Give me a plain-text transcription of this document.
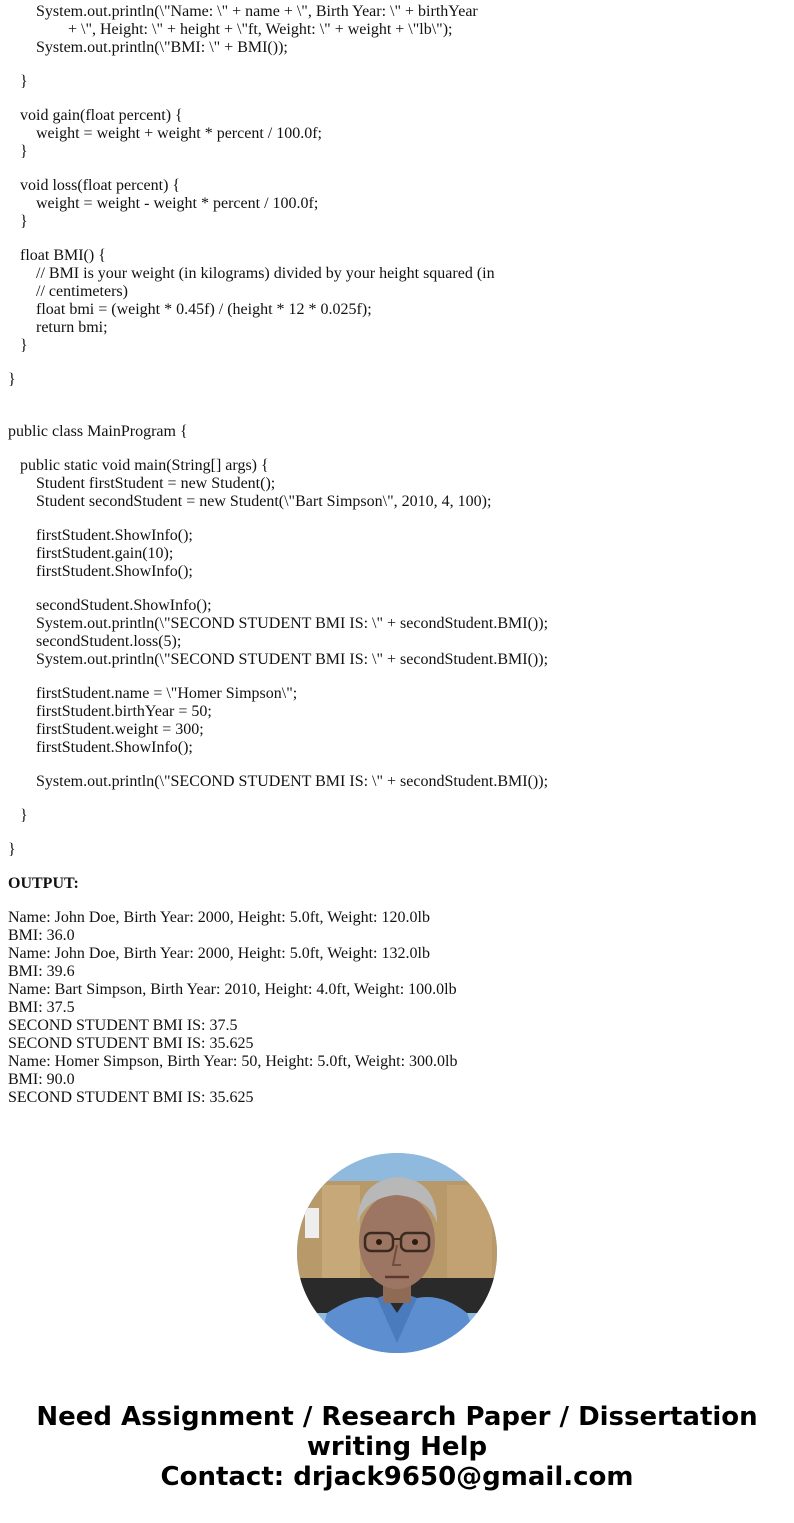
System.out.println(\"Name: \" + name + \", Birth Year: \" + birthYear
+ \", Height: \" + height + \"ft, Weight: \" + weight + \"lb\");
System.out.println(\"BMI: \" + BMI());
}
void gain(float percent) {
weight = weight + weight * percent / 100.0f;
}
void loss(float percent) {
weight = weight - weight * percent / 100.0f;
}
float BMI() {
// BMI is your weight (in kilograms) divided by your height squared (in
// centimeters)
float bmi = (weight * 0.45f) / (height * 12 * 0.025f);
return bmi;
}
}
public class MainProgram {
public static void main(String[] args) {
Student firstStudent = new Student();
Student secondStudent = new Student(\"Bart Simpson\", 2010, 4, 100);
firstStudent.ShowInfo();
firstStudent.gain(10);
firstStudent.ShowInfo();
secondStudent.ShowInfo();
System.out.println(\"SECOND STUDENT BMI IS: \" + secondStudent.BMI());
secondStudent.loss(5);
System.out.println(\"SECOND STUDENT BMI IS: \" + secondStudent.BMI());
firstStudent.name = \"Homer Simpson\";
firstStudent.birthYear = 50;
firstStudent.weight = 300;
firstStudent.ShowInfo();
System.out.println(\"SECOND STUDENT BMI IS: \" + secondStudent.BMI());
}
}
OUTPUT:
Name: John Doe, Birth Year: 2000, Height: 5.0ft, Weight: 120.0lb
BMI: 36.0
Name: John Doe, Birth Year: 2000, Height: 5.0ft, Weight: 132.0lb
BMI: 39.6
Name: Bart Simpson, Birth Year: 2010, Height: 4.0ft, Weight: 100.0lb
BMI: 37.5
SECOND STUDENT BMI IS: 37.5
SECOND STUDENT BMI IS: 35.625
Name: Homer Simpson, Birth Year: 50, Height: 5.0ft, Weight: 300.0lb
BMI: 90.0
SECOND STUDENT BMI IS: 35.625
Need Assignment / Research Paper / Dissertation
writing Help
Contact: drjack9650@gmail.com
